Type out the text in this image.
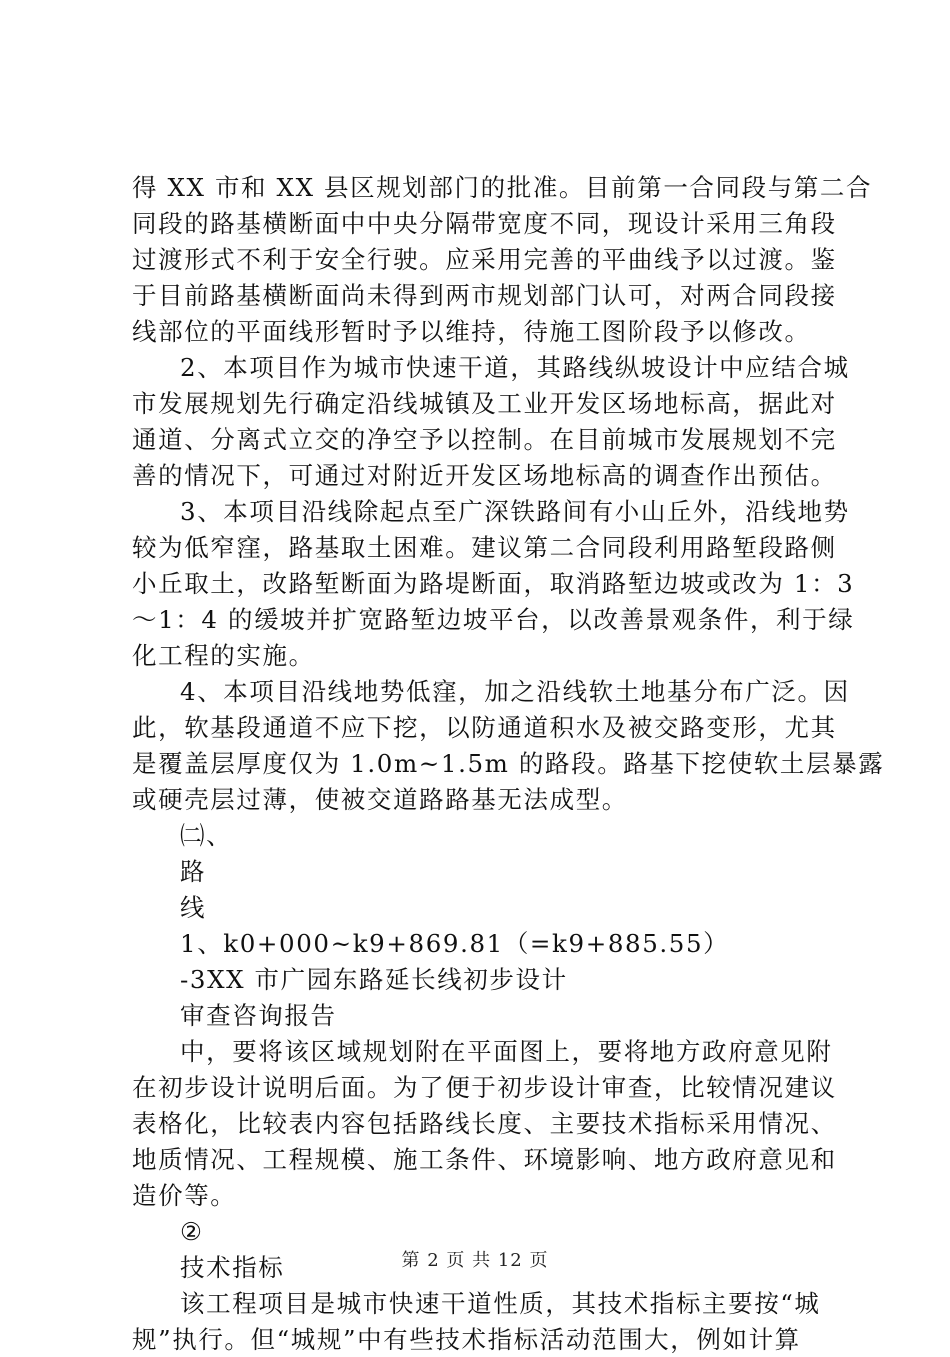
得 XX 市和 XX 县区规划部门的批准。目前第一合同段与第二合
同段的路基横断面中中央分隔带宽度不同，现设计采用三角段
过渡形式不利于安全行驶。应采用完善的平曲线予以过渡。鉴
于目前路基横断面尚未得到两市规划部门认可，对两合同段接
线部位的平面线形暂时予以维持，待施工图阶段予以修改。
2、本项目作为城市快速干道，其路线纵坡设计中应结合城
市发展规划先行确定沿线城镇及工业开发区场地标高，据此对
通道、分离式立交的净空予以控制。在目前城市发展规划不完
善的情况下，可通过对附近开发区场地标高的调查作出预估。
3、本项目沿线除起点至广深铁路间有小山丘外，沿线地势
较为低窄窪，路基取土困难。建议第二合同段利用路堑段路侧
小丘取土，改路堑断面为路堤断面，取消路堑边坡或改为 1：3
～1：4 的缓坡并扩宽路堑边坡平台，以改善景观条件，利于绿
化工程的实施。
4、本项目沿线地势低窪，加之沿线软土地基分布广泛。因
此，软基段通道不应下挖，以防通道积水及被交路变形，尤其
是覆盖层厚度仅为 1.0m~1.5m 的路段。路基下挖使软土层暴露
或硬壳层过薄，使被交道路路基无法成型。
㈡、
路
线
1、k0+000~k9+869.81（=k9+885.55）
-3XX 市广园东路延长线初步设计
审查咨询报告
中，要将该区域规划附在平面图上，要将地方政府意见附
在初步设计说明后面。为了便于初步设计审查，比较情况建议
表格化，比较表内容包括路线长度、主要技术指标采用情况、
地质情况、工程规模、施工条件、环境影响、地方政府意见和
造价等。
②
技术指标
该工程项目是城市快速干道性质，其技术指标主要按“城
规”执行。但“城规”中有些技术指标活动范围大，例如计算
第 2 页 共 12 页
